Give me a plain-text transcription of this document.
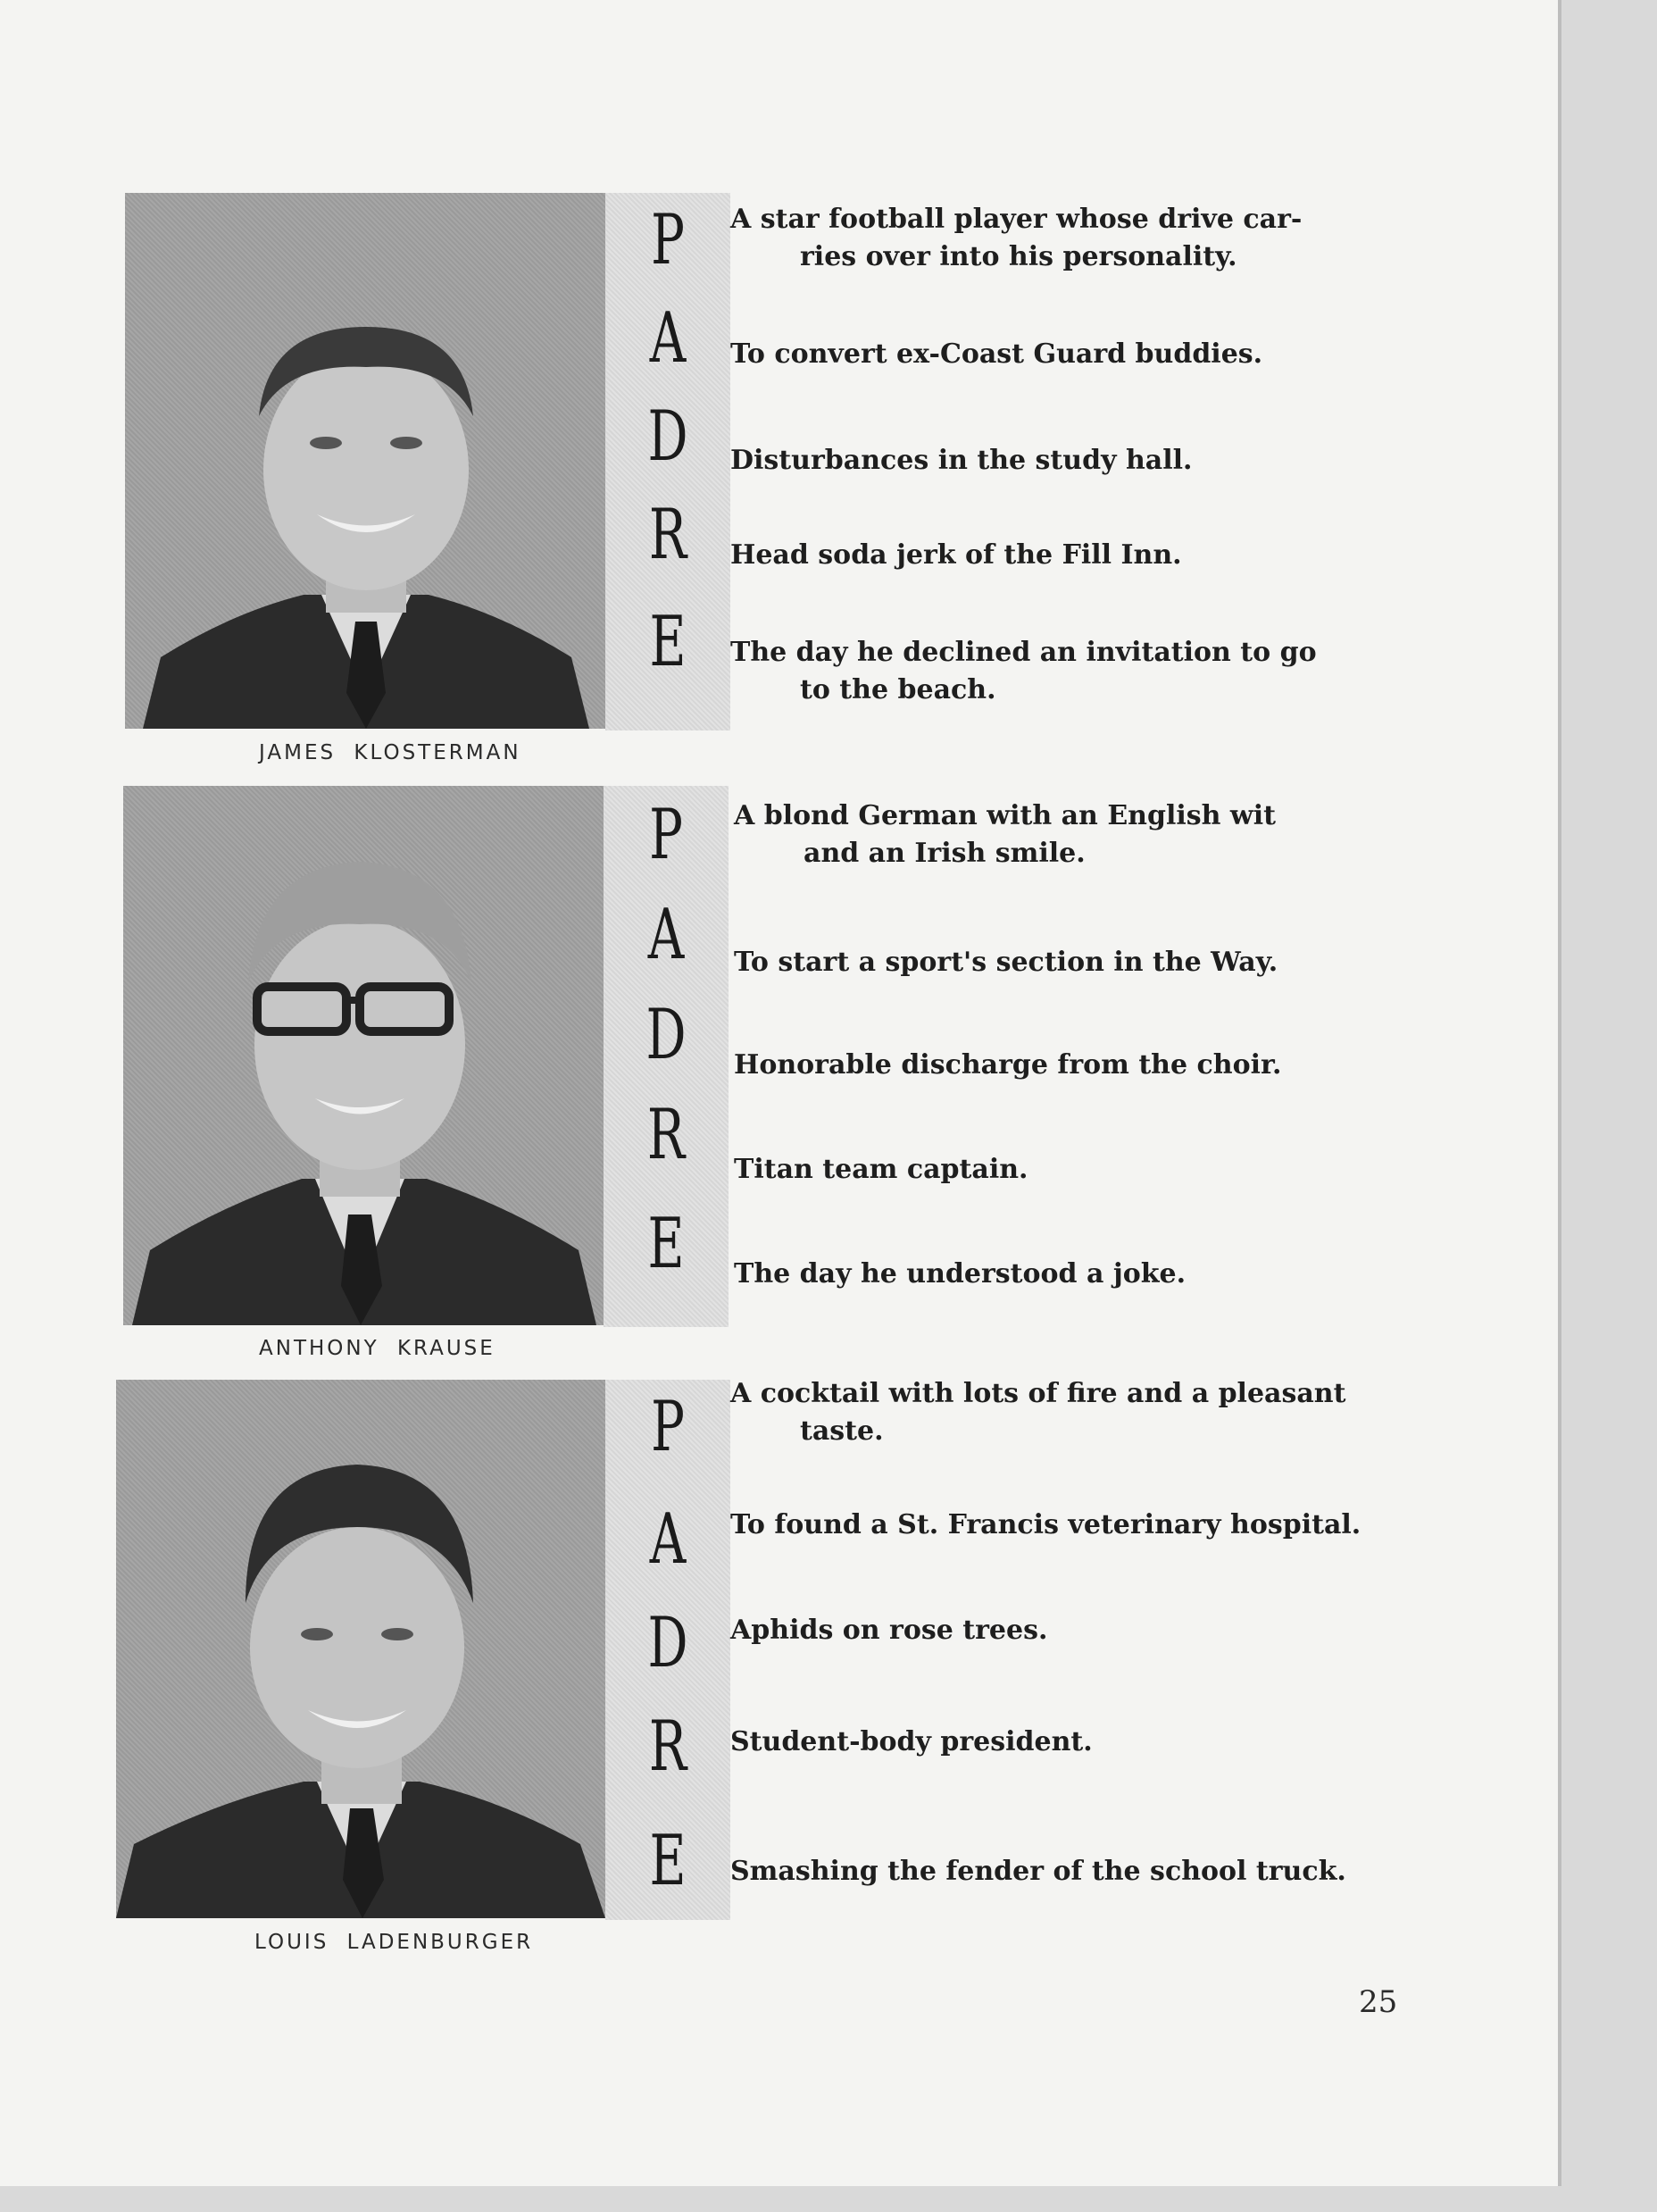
P
A
D
R
E
JAMES KLOSTERMAN
A star football player whose drive car-
ries over into his personality.
To convert ex-Coast Guard buddies.
Disturbances in the study hall.
Head soda jerk of the Fill Inn.
The day he declined an invitation to go
to the beach.
P
A
D
R
E
ANTHONY KRAUSE
A blond German with an English wit
and an Irish smile.
To start a sport's section in the Way.
Honorable discharge from the choir.
Titan team captain.
The day he understood a joke.
P
A
D
R
E
LOUIS LADENBURGER
A cocktail with lots of fire and a pleasant
taste.
To found a St. Francis veterinary hospital.
Aphids on rose trees.
Student-body president.
Smashing the fender of the school truck.
25
